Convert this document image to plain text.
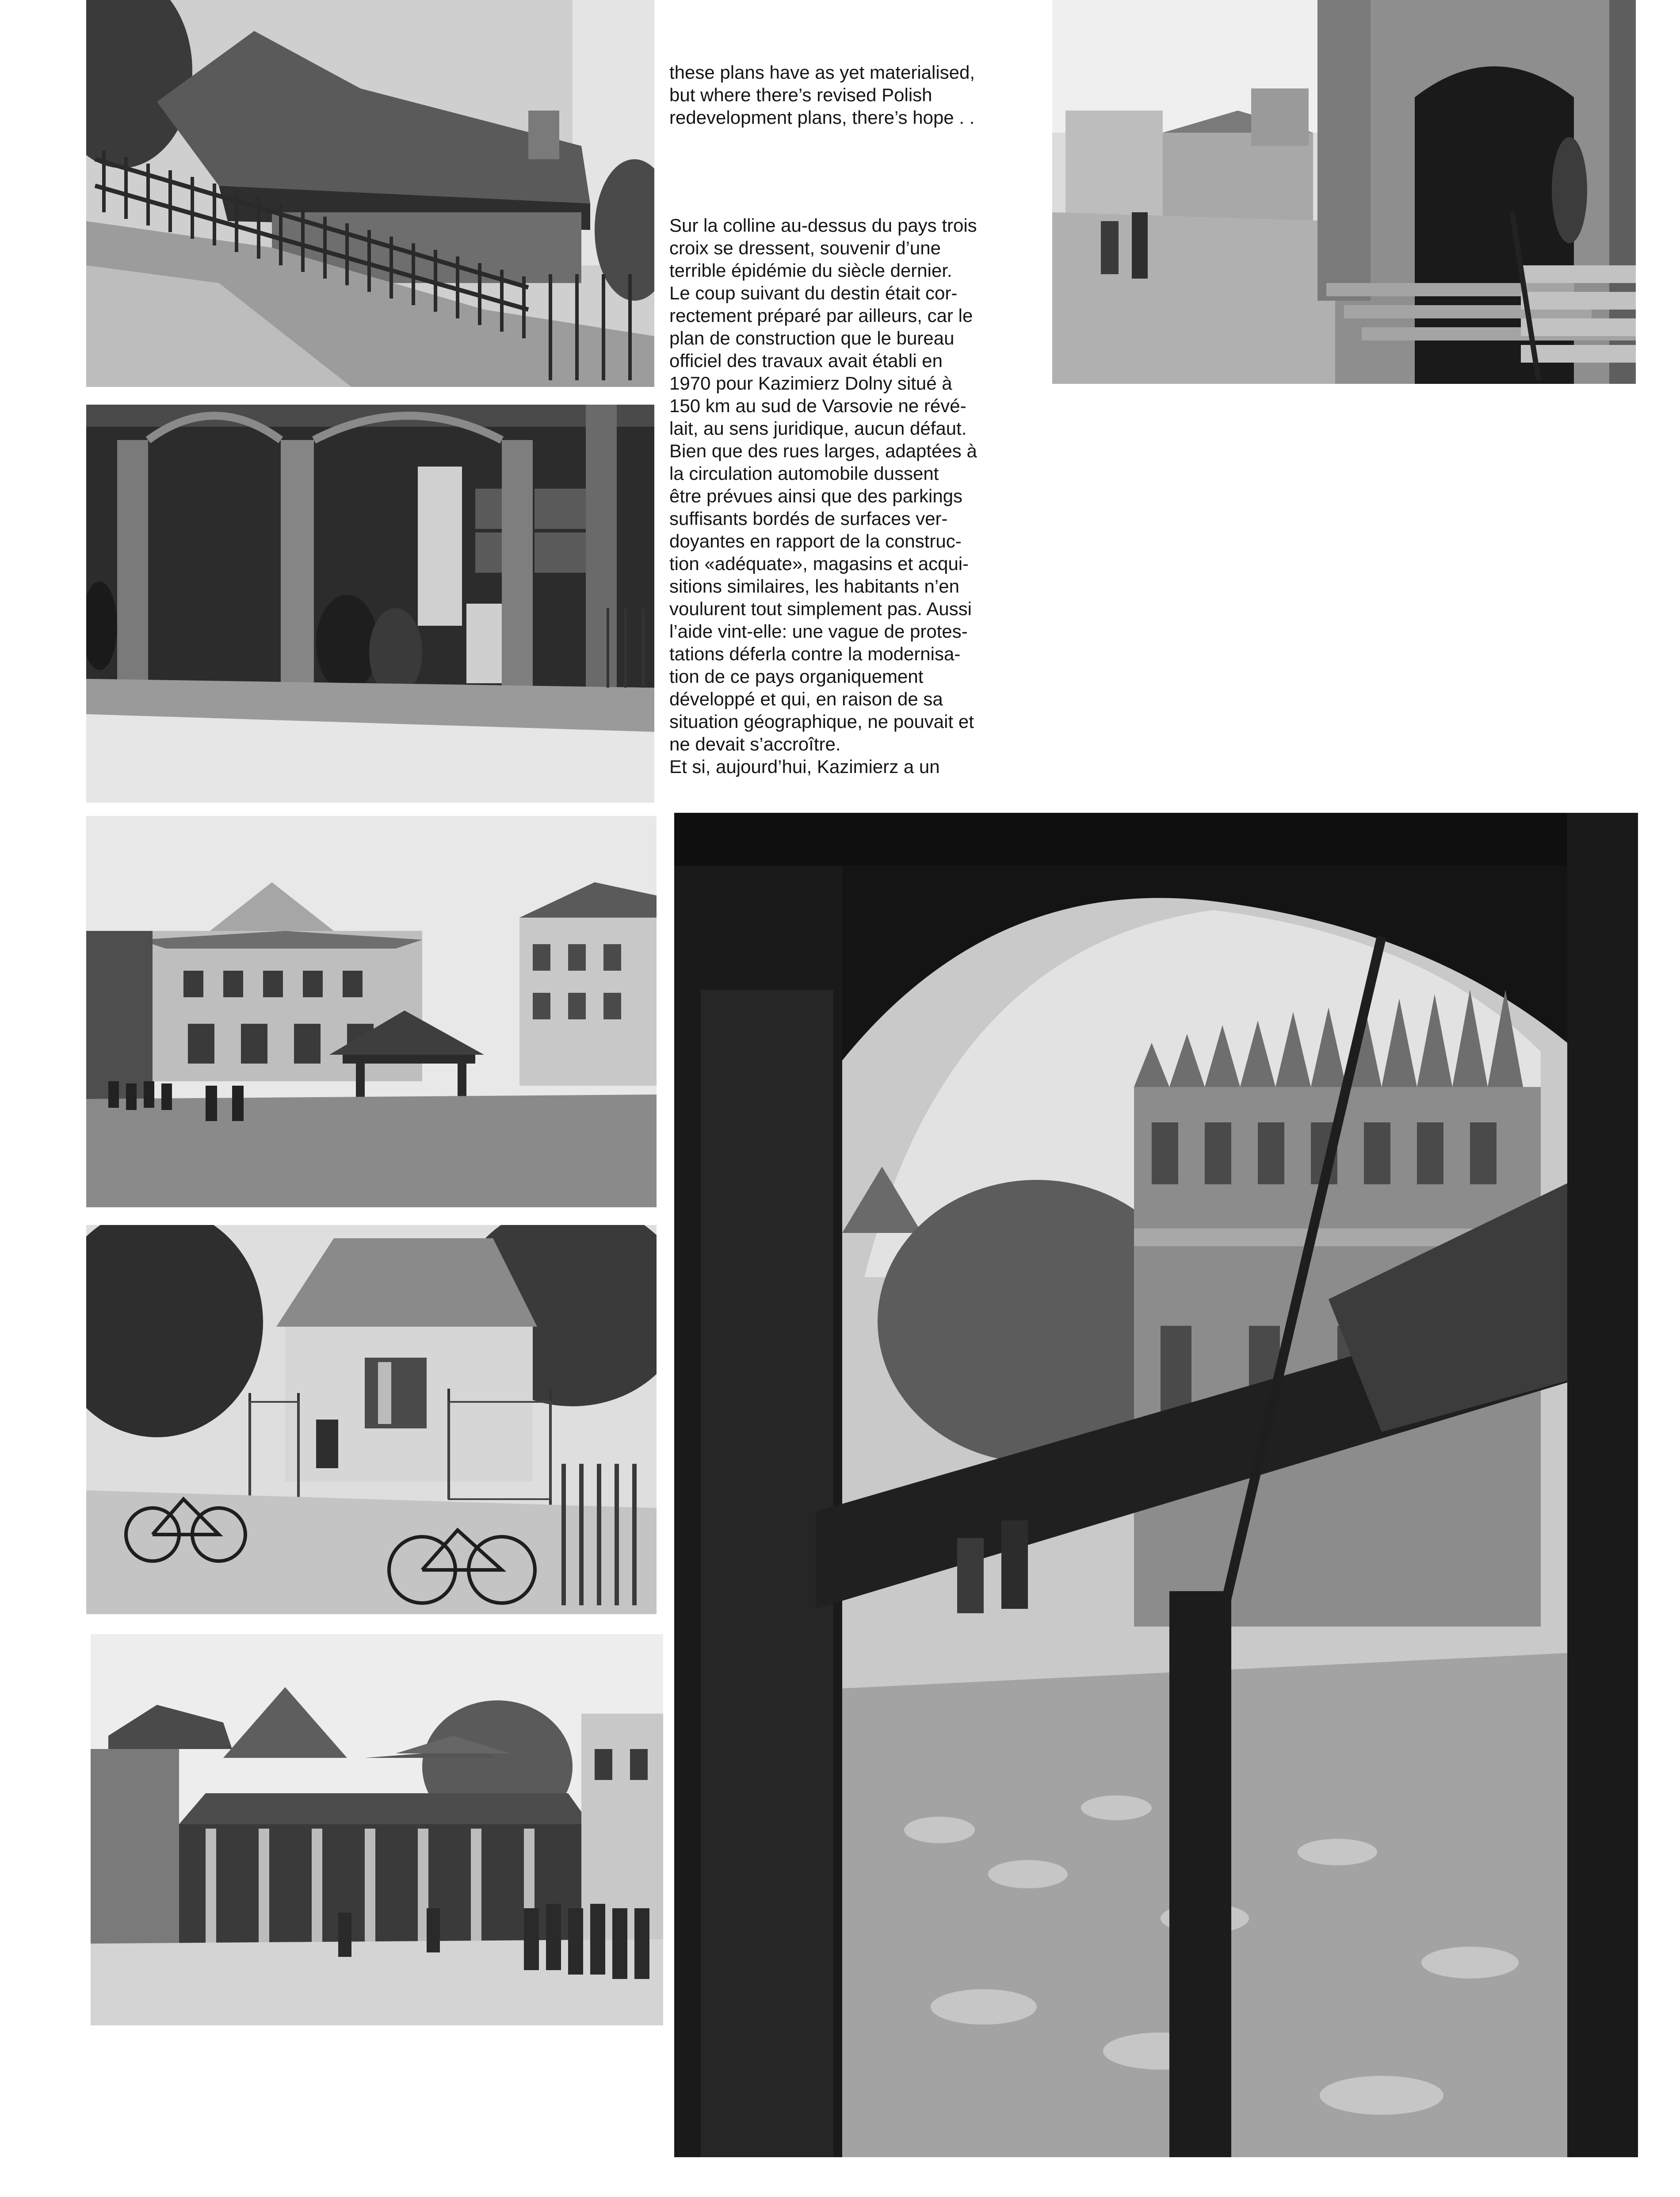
these plans have as yet materialised,
but where there’s revised Polish
redevelopment plans, there’s hope . .
Sur la colline au-dessus du pays trois
croix se dressent, souvenir d’une
terrible épidémie du siècle dernier.
Le coup suivant du destin était cor-
rectement préparé par ailleurs, car le
plan de construction que le bureau
officiel des travaux avait établi en
1970 pour Kazimierz Dolny situé à
150 km au sud de Varsovie ne révé-
lait, au sens juridique, aucun défaut.
Bien que des rues larges, adaptées à
la circulation automobile dussent
être prévues ainsi que des parkings
suffisants bordés de surfaces ver-
doyantes en rapport de la construc-
tion «adéquate», magasins et acqui-
sitions similaires, les habitants n’en
voulurent tout simplement pas. Aussi
l’aide vint-elle: une vague de protes-
tations déferla contre la modernisa-
tion de ce pays organiquement
développé et qui, en raison de sa
situation géographique, ne pouvait et
ne devait s’accroître.
Et si, aujourd’hui, Kazimierz a un
